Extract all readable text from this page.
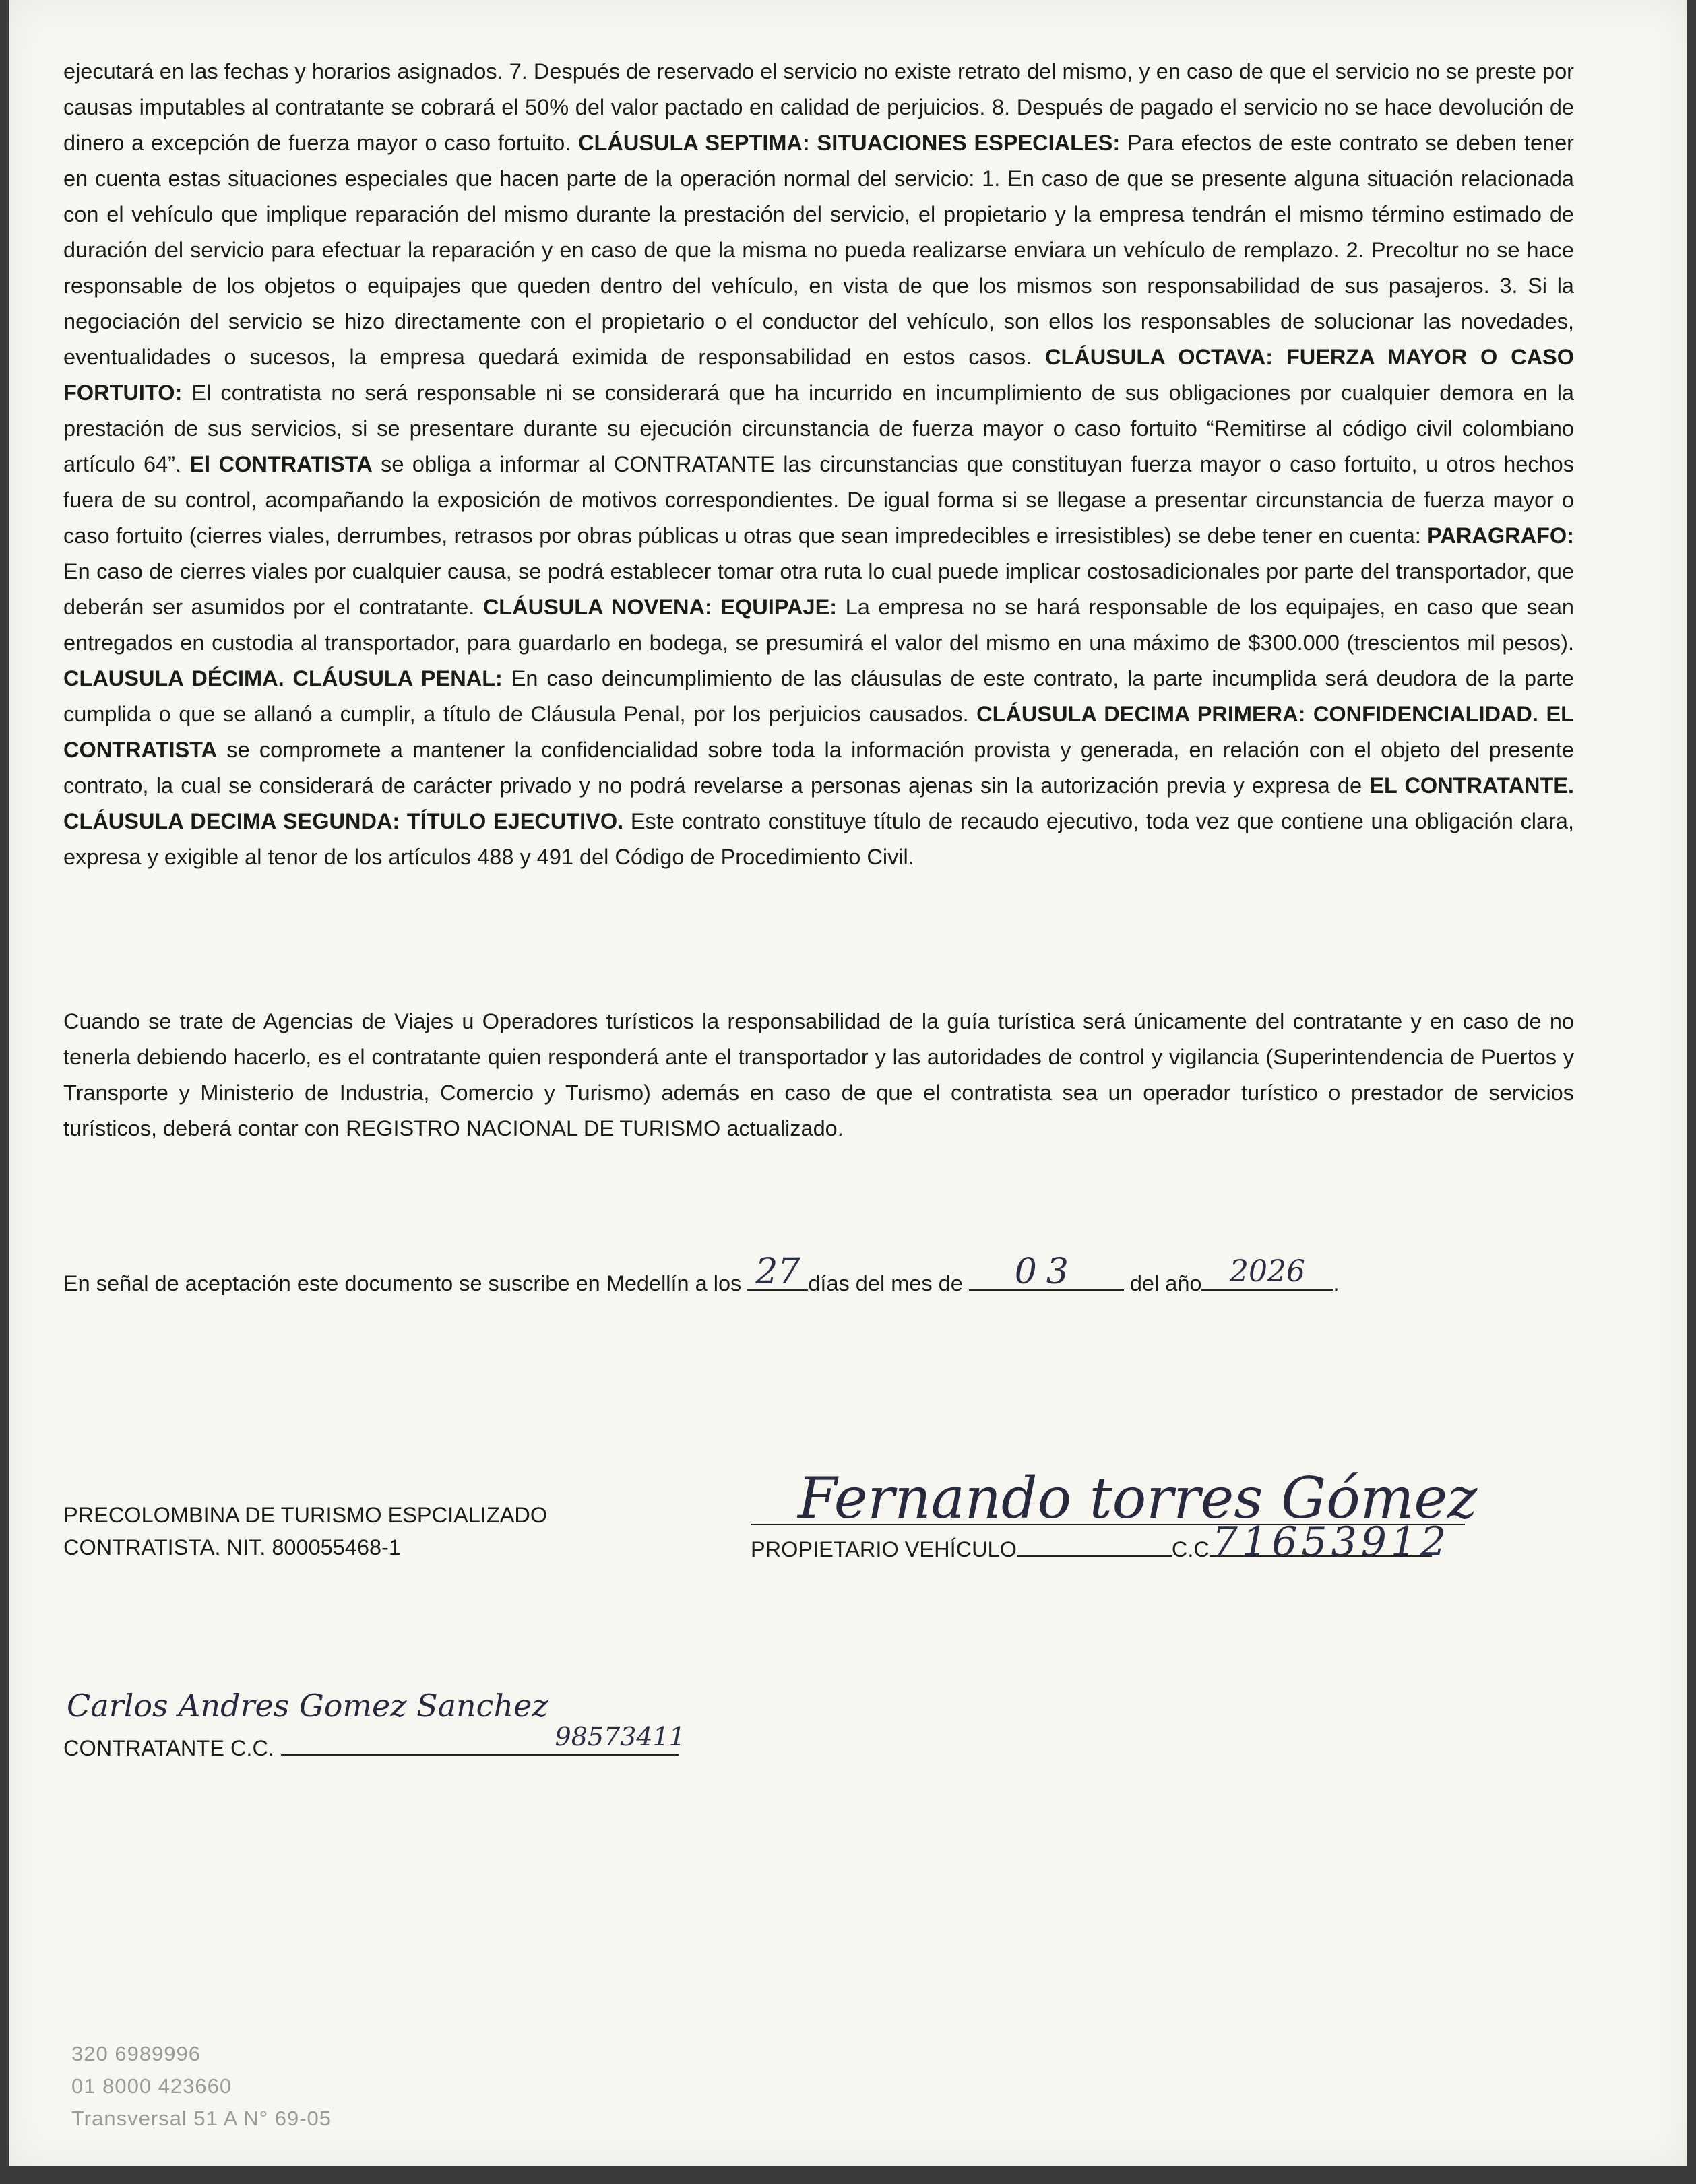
ejecutará en las fechas y horarios asignados. 7. Después de reservado el servicio no existe retrato del mismo, y en caso de que el servicio no se preste por causas imputables al contratante se cobrará el 50% del valor pactado en calidad de perjuicios. 8. Después de pagado el servicio no se hace devolución de dinero a excepción de fuerza mayor o caso fortuito. CLÁUSULA SEPTIMA: SITUACIONES ESPECIALES: Para efectos de este contrato se deben tener en cuenta estas situaciones especiales que hacen parte de la operación normal del servicio: 1. En caso de que se presente alguna situación relacionada con el vehículo que implique reparación del mismo durante la prestación del servicio, el propietario y la empresa tendrán el mismo término estimado de duración del servicio para efectuar la reparación y en caso de que la misma no pueda realizarse enviara un vehículo de remplazo. 2. Precoltur no se hace responsable de los objetos o equipajes que queden dentro del vehículo, en vista de que los mismos son responsabilidad de sus pasajeros. 3. Si la negociación del servicio se hizo directamente con el propietario o el conductor del vehículo, son ellos los responsables de solucionar las novedades, eventualidades o sucesos, la empresa quedará eximida de responsabilidad en estos casos. CLÁUSULA OCTAVA: FUERZA MAYOR O CASO FORTUITO: El contratista no será responsable ni se considerará que ha incurrido en incumplimiento de sus obligaciones por cualquier demora en la prestación de sus servicios, si se presentare durante su ejecución circunstancia de fuerza mayor o caso fortuito “Remitirse al código civil colombiano artículo 64”. El CONTRATISTA se obliga a informar al CONTRATANTE las circunstancias que constituyan fuerza mayor o caso fortuito, u otros hechos fuera de su control, acompañando la exposición de motivos correspondientes. De igual forma si se llegase a presentar circunstancia de fuerza mayor o caso fortuito (cierres viales, derrumbes, retrasos por obras públicas u otras que sean impredecibles e irresistibles) se debe tener en cuenta: PARAGRAFO: En caso de cierres viales por cualquier causa, se podrá establecer tomar otra ruta lo cual puede implicar costosadicionales por parte del transportador, que deberán ser asumidos por el contratante. CLÁUSULA NOVENA: EQUIPAJE: La empresa no se hará responsable de los equipajes, en caso que sean entregados en custodia al transportador, para guardarlo en bodega, se presumirá el valor del mismo en una máximo de $300.000 (trescientos mil pesos). CLAUSULA DÉCIMA. CLÁUSULA PENAL: En caso deincumplimiento de las cláusulas de este contrato, la parte incumplida será deudora de la parte cumplida o que se allanó a cumplir, a título de Cláusula Penal, por los perjuicios causados. CLÁUSULA DECIMA PRIMERA: CONFIDENCIALIDAD. EL CONTRATISTA se compromete a mantener la confidencialidad sobre toda la información provista y generada, en relación con el objeto del presente contrato, la cual se considerará de carácter privado y no podrá revelarse a personas ajenas sin la autorización previa y expresa de EL CONTRATANTE. CLÁUSULA DECIMA SEGUNDA: TÍTULO EJECUTIVO. Este contrato constituye título de recaudo ejecutivo, toda vez que contiene una obligación clara, expresa y exigible al tenor de los artículos 488 y 491 del Código de Procedimiento Civil.

Cuando se trate de Agencias de Viajes u Operadores turísticos la responsabilidad de la guía turística será únicamente del contratante y en caso de no tenerla debiendo hacerlo, es el contratante quien responderá ante el transportador y las autoridades de control y vigilancia (Superintendencia de Puertos y Transporte y Ministerio de Industria, Comercio y Turismo) además en caso de que el contratista sea un operador turístico o prestador de servicios turísticos, deberá contar con REGISTRO NACIONAL DE TURISMO actualizado.

En señal de aceptación este documento se suscribe en Medellín a los 27 días del mes de	03	del año 2026	.
PRECOLOMBINA DE TURISMO ESPCIALIZADO
CONTRATISTA. NIT. 800055468-1
Fernando torres Gómez
PROPIETARIO VEHÍCULO	C.C 71653912
Carlos Andres Gomez Sanchez
CONTRATANTE C.C.	98573411
320 6989996
01 8000 423660
Transversal 51 A N° 69-05
